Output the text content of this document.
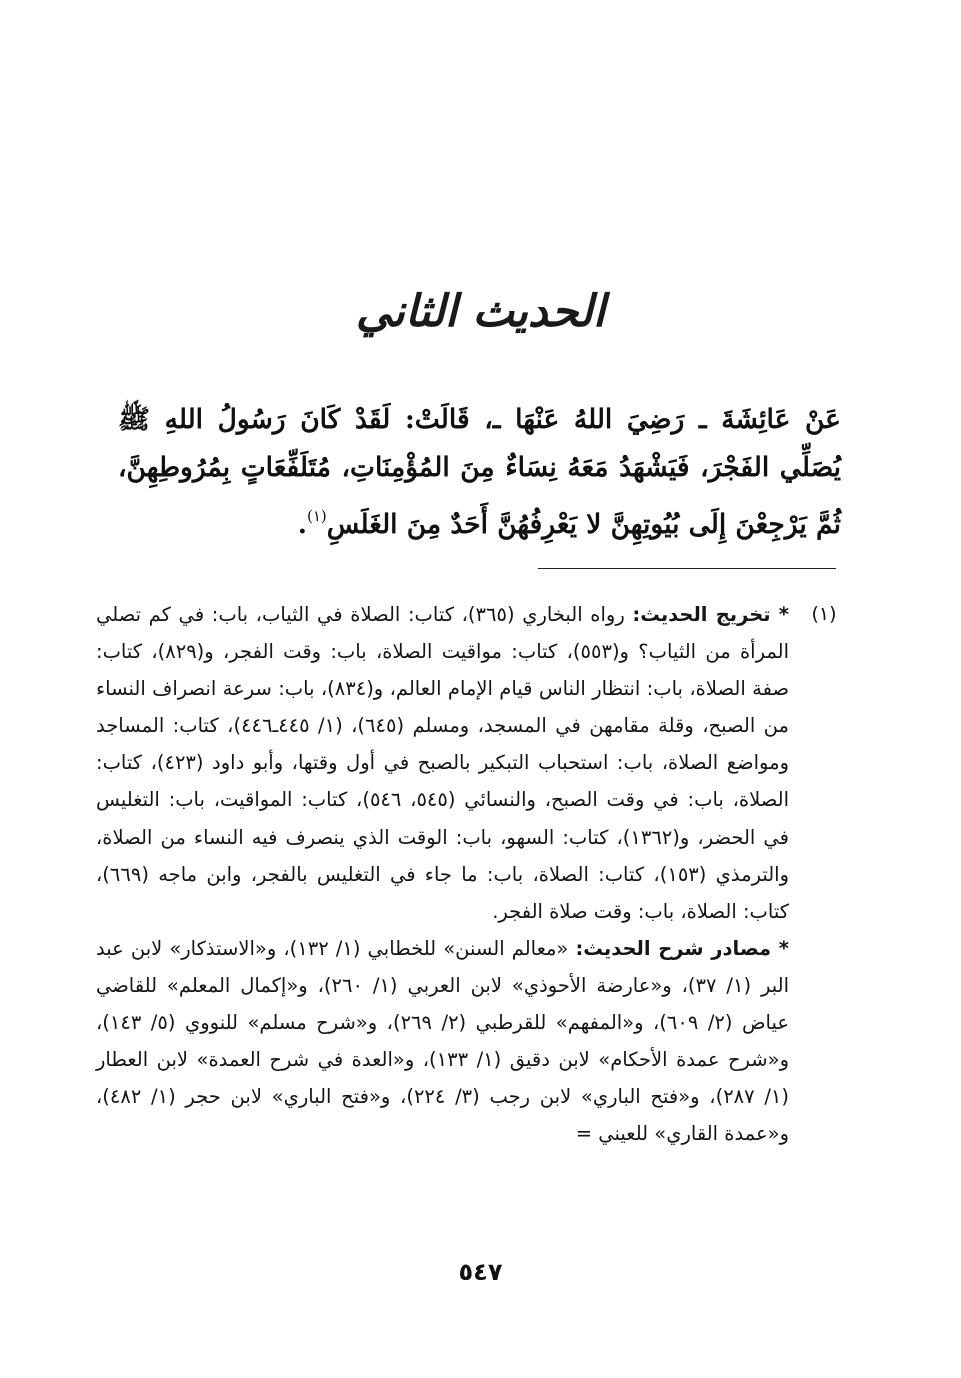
الحديث الثاني
عَنْ عَائِشَةَ ـ رَضِيَ اللهُ عَنْهَا ـ، قَالَتْ: لَقَدْ كَانَ رَسُولُ اللهِ ﷺ يُصَلِّي الفَجْرَ، فَيَشْهَدُ مَعَهُ نِسَاءٌ مِنَ المُؤْمِنَاتِ، مُتَلَفِّعَاتٍ بِمُرُوطِهِنَّ، ثُمَّ يَرْجِعْنَ إِلَى بُيُوتِهِنَّ لا يَعْرِفُهُنَّ أَحَدٌ مِنَ الغَلَسِ$^{(١)}$.
(١)

* تخريج الحديث: رواه البخاري (٣٦٥)، كتاب: الصلاة في الثياب، باب: في كم تصلي المرأة من الثياب؟ و(٥٥٣)، كتاب: مواقيت الصلاة، باب: وقت الفجر، و(٨٢٩)، كتاب: صفة الصلاة، باب: انتظار الناس قيام الإمام العالم، و(٨٣٤)، باب: سرعة انصراف النساء من الصبح، وقلة مقامهن في المسجد، ومسلم (٦٤٥)، (١/ ٤٤٥ـ٤٤٦)، كتاب: المساجد ومواضع الصلاة، باب: استحباب التبكير بالصبح في أول وقتها، وأبو داود (٤٢٣)، كتاب: الصلاة، باب: في وقت الصبح، والنسائي (٥٤٥، ٥٤٦)، كتاب: المواقيت، باب: التغليس في الحضر، و(١٣٦٢)، كتاب: السهو، باب: الوقت الذي ينصرف فيه النساء من الصلاة، والترمذي (١٥٣)، كتاب: الصلاة، باب: ما جاء في التغليس بالفجر، وابن ماجه (٦٦٩)، كتاب: الصلاة، باب: وقت صلاة الفجر.

* مصادر شرح الحديث: «معالم السنن» للخطابي (١/ ١٣٢)، و«الاستذكار» لابن عبد البر (١/ ٣٧)، و«عارضة الأحوذي» لابن العربي (١/ ٢٦٠)، و«إكمال المعلم» للقاضي عياض (٢/ ٦٠٩)، و«المفهم» للقرطبي (٢/ ٢٦٩)، و«شرح مسلم» للنووي (٥/ ١٤٣)، و«شرح عمدة الأحكام» لابن دقيق (١/ ١٣٣)، و«العدة في شرح العمدة» لابن العطار (١/ ٢٨٧)، و«فتح الباري» لابن رجب (٣/ ٢٢٤)، و«فتح الباري» لابن حجر (١/ ٤٨٢)، و«عمدة القاري» للعيني =

٥٤٧
